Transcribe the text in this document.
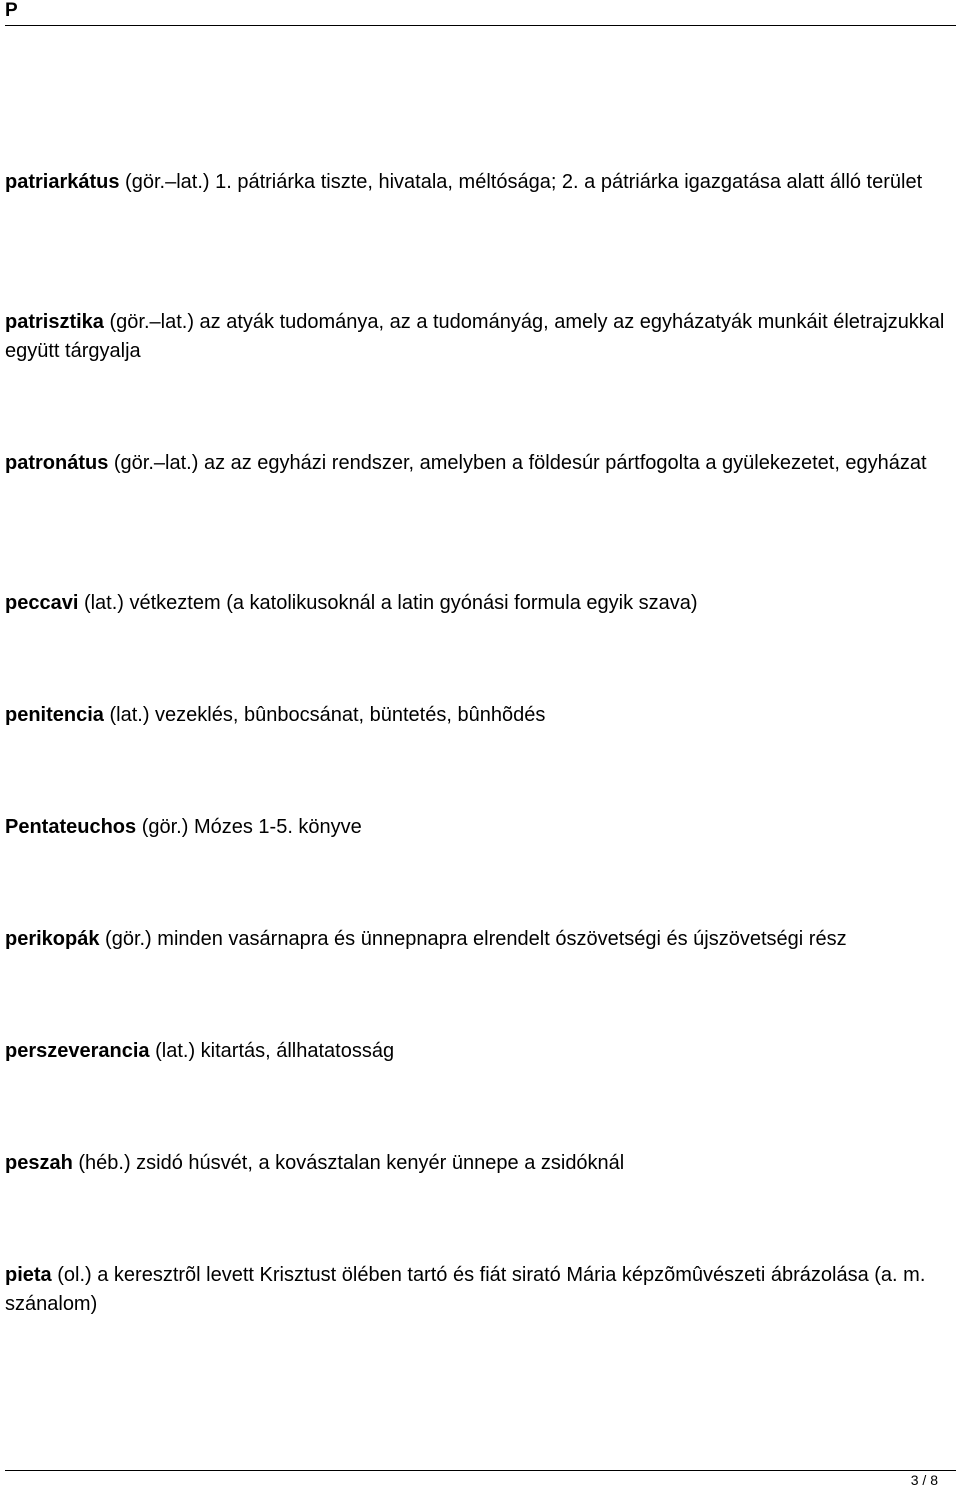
P

patriarkátus (gör.–lat.) 1. pátriárka tiszte, hivatala, méltósága; 2. a pátriárka igazgatása alatt álló terület

patrisztika (gör.–lat.) az atyák tudománya, az a tudományág, amely az egyházatyák munkáit életrajzukkal együtt tárgyalja

patronátus (gör.–lat.) az az egyházi rendszer, amelyben a földesúr pártfogolta a gyülekezetet, egyházat

peccavi (lat.) vétkeztem (a katolikusoknál a latin gyónási formula egyik szava)

penitencia (lat.) vezeklés, bûnbocsánat, büntetés, bûnhõdés

Pentateuchos (gör.) Mózes 1-5. könyve

perikopák (gör.) minden vasárnapra és ünnepnapra elrendelt ószövetségi és újszövetségi rész

perszeverancia (lat.) kitartás, állhatatosság

peszah (héb.) zsidó húsvét, a kovásztalan kenyér ünnepe a zsidóknál

pieta (ol.) a keresztrõl levett Krisztust ölében tartó és fiát sirató Mária képzõmûvészeti ábrázolása (a. m. szánalom)

3 / 8
